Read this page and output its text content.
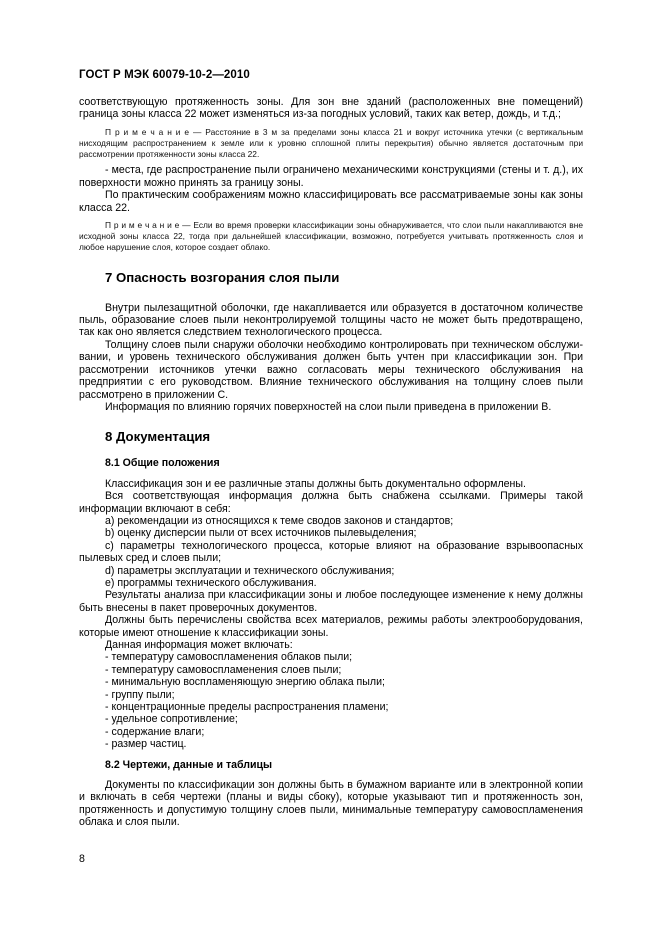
ГОСТ Р МЭК 60079-10-2—2010

соответствующую протяженность зоны. Для зон вне зданий (расположенных вне помещений) граница зоны класса 22 может изменяться из-за погодных условий, таких как ветер, дождь, и т.д.;

П р и м е ч а н и е — Расстояние в 3 м за пределами зоны класса 21 и вокруг источника утечки (с вертикальным нисходящим распространением к земле или к уровню сплошной плиты перекрытия) обычно является достаточным при рассмотрении протяженности зоны класса 22.

- места, где распространение пыли ограничено механическими конструкциями (стены и т. д.), их поверхности можно принять за границу зоны.

По практическим соображениям можно классифицировать все рассматриваемые зоны как зоны класса 22.

П р и м е ч а н и е — Если во время проверки классификации зоны обнаруживается, что слои пыли накапливаются вне исходной зоны класса 22, тогда при дальнейшей классификации, возможно, потребуется учитывать протяженность слоя и любое нарушение слоя, которое создает облако.

7 Опасность возгорания слоя пыли

Внутри пылезащитной оболочки, где накапливается или образуется в достаточном количестве пыль, образование слоев пыли неконтролируемой толщины часто не может быть предотвращено, так как оно является следствием технологического процесса.

Толщину слоев пыли снаружи оболочки необходимо контролировать при техническом обслуживании, и уровень технического обслуживания должен быть учтен при классификации зон. При рассмотрении источников утечки важно согласовать меры технического обслуживания на предприятии с его руководством. Влияние технического обслуживания на толщину слоев пыли рассмотрено в приложении С.

Информация по влиянию горячих поверхностей на слои пыли приведена в приложении В.

8 Документация
8.1 Общие положения

Классификация зон и ее различные этапы должны быть документально оформлены.

Вся соответствующая информация должна быть снабжена ссылками. Примеры такой информации включают в себя:

a) рекомендации из относящихся к теме сводов законов и стандартов;

b) оценку дисперсии пыли от всех источников пылевыделения;

c) параметры технологического процесса, которые влияют на образование взрывоопасных пылевых сред и слоев пыли;

d) параметры эксплуатации и технического обслуживания;

e) программы технического обслуживания.

Результаты анализа при классификации зоны и любое последующее изменение к нему должны быть внесены в пакет проверочных документов.

Должны быть перечислены свойства всех материалов, режимы работы электрооборудования, которые имеют отношение к классификации зоны.

Данная информация может включать:

- температуру самовоспламенения облаков пыли;

- температуру самовоспламенения слоев пыли;

- минимальную воспламеняющую энергию облака пыли;

- группу пыли;

- концентрационные пределы распространения пламени;

- удельное сопротивление;

- содержание влаги;

- размер частиц.

8.2 Чертежи, данные и таблицы

Документы по классификации зон должны быть в бумажном варианте или в электронной копии и включать в себя чертежи (планы и виды сбоку), которые указывают тип и протяженность зон, протяженность и допустимую толщину слоев пыли, минимальные температуру самовоспламенения облака и слоя пыли.

8
